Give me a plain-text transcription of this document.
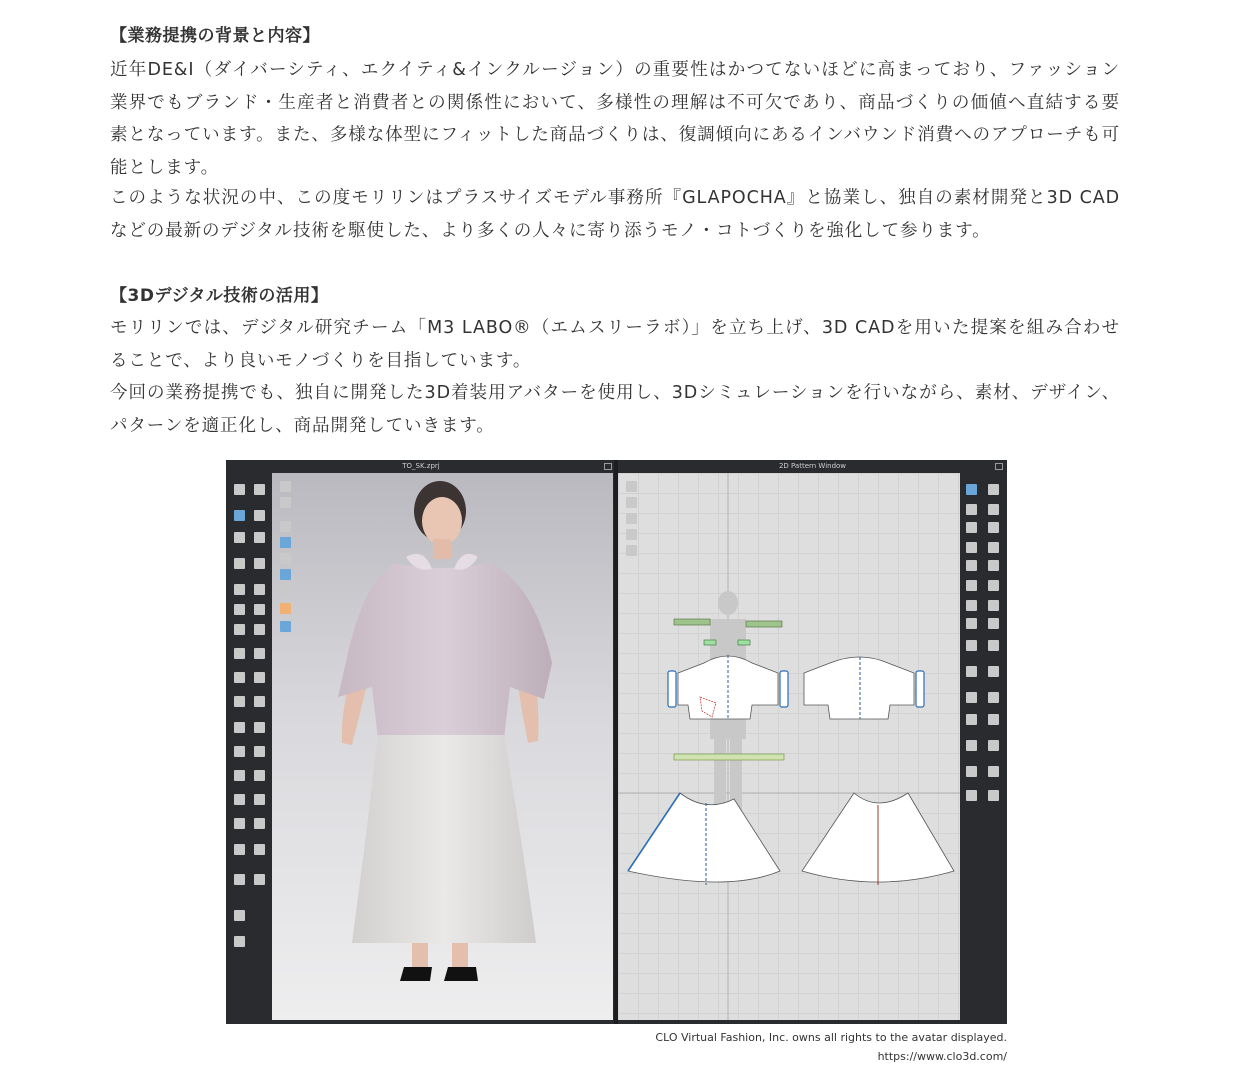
【業務提携の背景と内容】
近年DE&I（ダイバーシティ、エクイティ&インクルージョン）の重要性はかつてないほどに高まっており、ファッション業界でもブランド・生産者と消費者との関係性において、多様性の理解は不可欠であり、商品づくりの価値へ直結する要素となっています。また、多様な体型にフィットした商品づくりは、復調傾向にあるインバウンド消費へのアプローチも可能とします。
このような状況の中、この度モリリンはプラスサイズモデル事務所『GLAPOCHA』と協業し、独自の素材開発と3D CADなどの最新のデジタル技術を駆使した、より多くの人々に寄り添うモノ・コトづくりを強化して参ります。
【3Dデジタル技術の活用】
モリリンでは、デジタル研究チーム「M3 LABO®（エムスリーラボ）」を立ち上げ、3D CADを用いた提案を組み合わせることで、より良いモノづくりを目指しています。
今回の業務提携でも、独自に開発した3D着装用アバターを使用し、3Dシミュレーションを行いながら、素材、デザイン、パターンを適正化し、商品開発していきます。
TO_SK.zprj	2D Pattern Window
CLO Virtual Fashion, Inc. owns all rights to the avatar displayed.
https://www.clo3d.com/
